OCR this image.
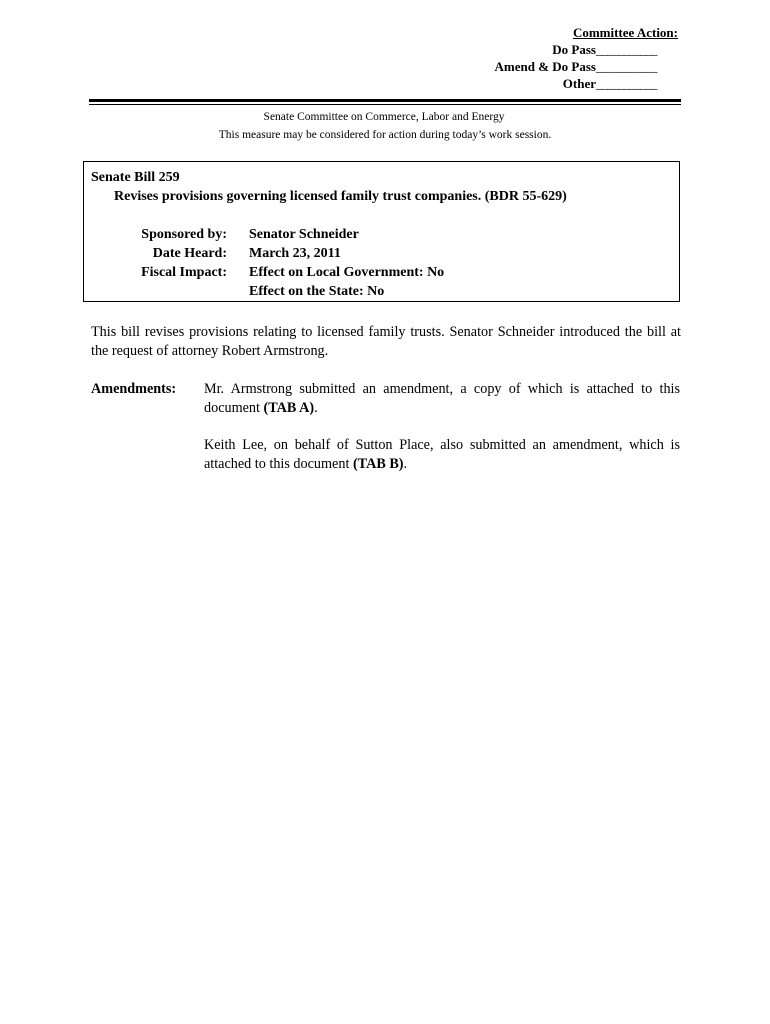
Committee Action:
Do Pass ___________
Amend & Do Pass ___________
Other ___________
Senate Committee on Commerce, Labor and Energy
This measure may be considered for action during today’s work session.
Senate Bill 259
Revises provisions governing licensed family trust companies. (BDR 55-629)
Sponsored by: Senator Schneider
Date Heard: March 23, 2011
Fiscal Impact: Effect on Local Government: No
Effect on the State: No
This bill revises provisions relating to licensed family trusts. Senator Schneider introduced the bill at the request of attorney Robert Armstrong.
Amendments: Mr. Armstrong submitted an amendment, a copy of which is attached to this document (TAB A).
Keith Lee, on behalf of Sutton Place, also submitted an amendment, which is attached to this document (TAB B).
